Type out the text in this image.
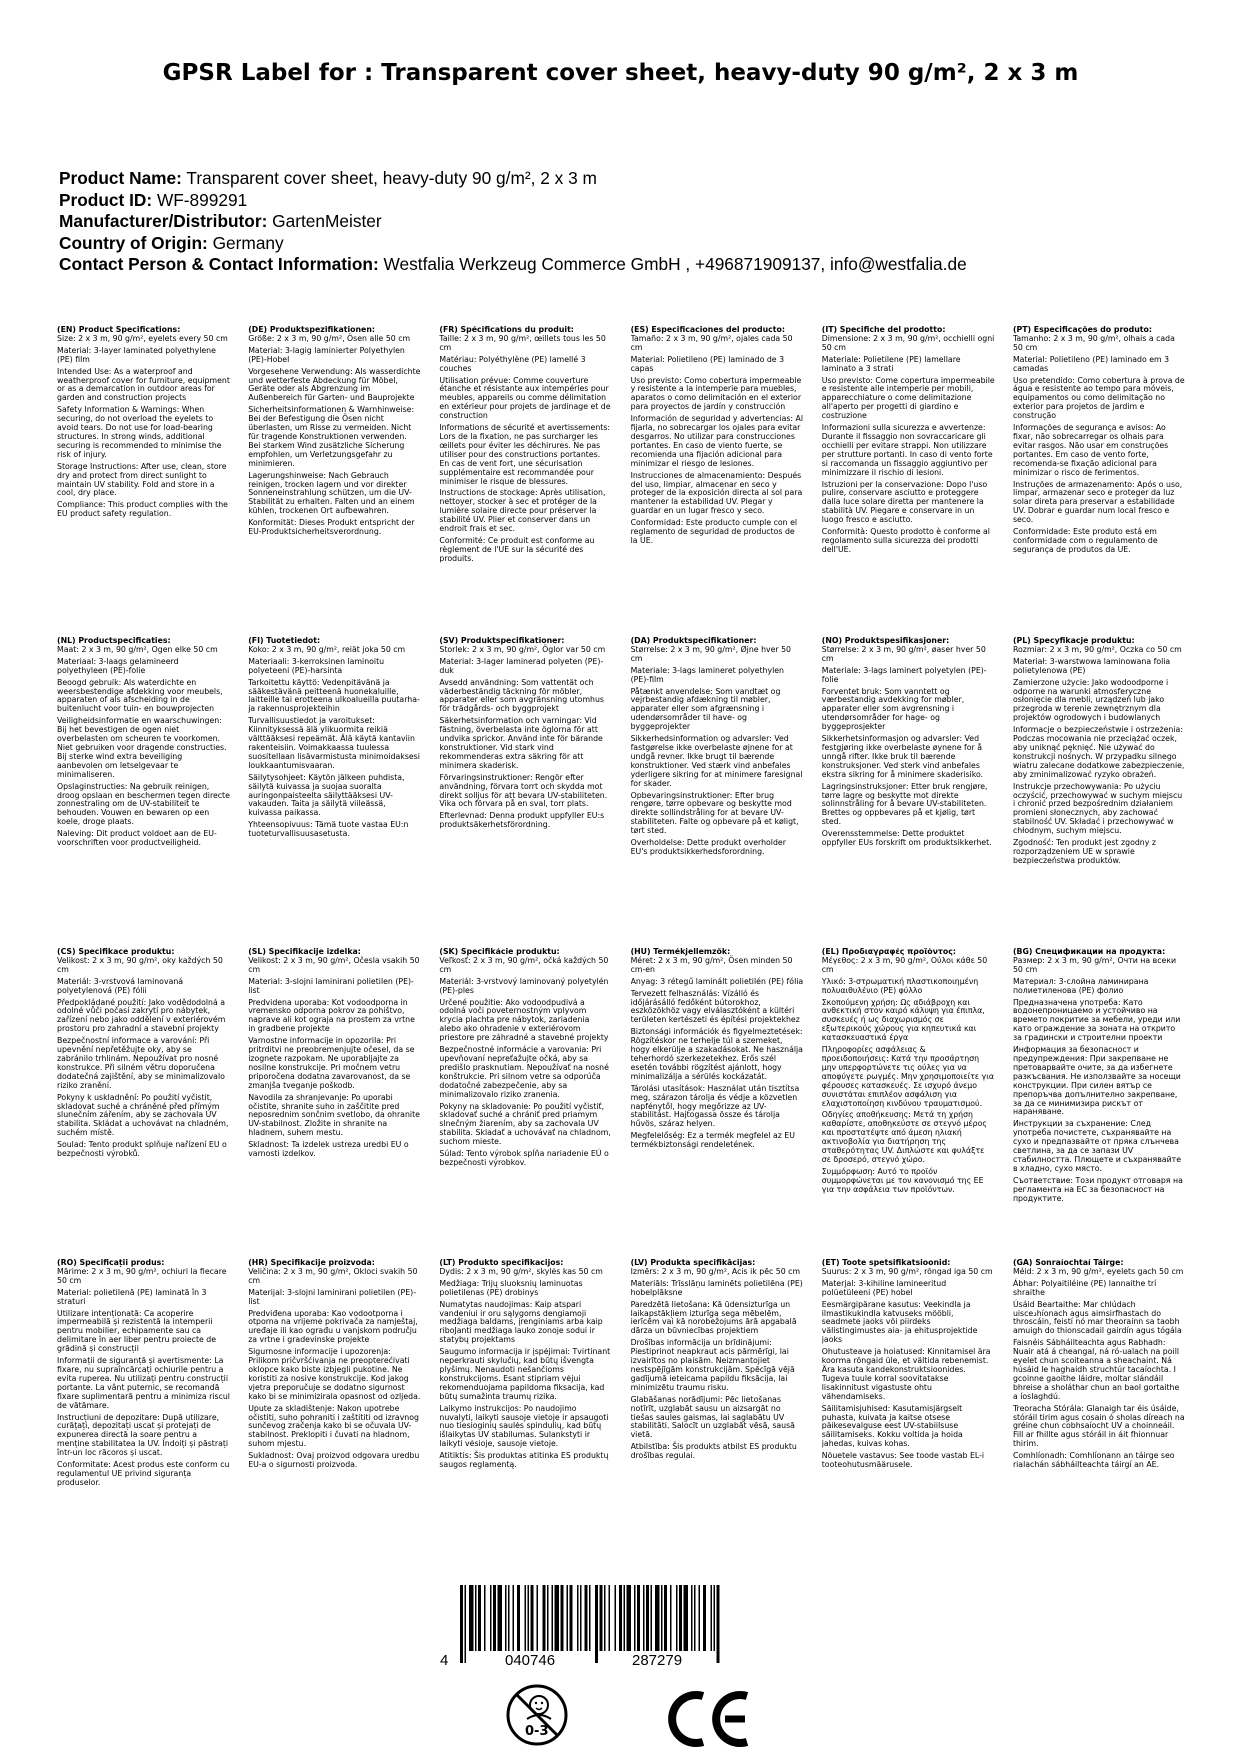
GPSR Label for : Transparent cover sheet, heavy-duty 90 g/m², 2 x 3 m
Product Name: Transparent cover sheet, heavy-duty 90 g/m², 2 x 3 m
Product ID: WF-899291
Manufacturer/Distributor: GartenMeister
Country of Origin: Germany
Contact Person & Contact Information: Westfalia Werkzeug Commerce GmbH , +496871909137, info@westfalia.de
(EN) Product Specifications:

Size: 2 x 3 m, 90 g/m², eyelets every 50 cm

Material: 3-layer laminated polyethylene (PE) film

Intended Use: As a waterproof and weatherproof cover for furniture, equipment or as a demarcation in outdoor areas for garden and construction projects

Safety Information & Warnings: When securing, do not overload the eyelets to avoid tears. Do not use for load-bearing structures. In strong winds, additional securing is recommended to minimise the risk of injury.

Storage Instructions: After use, clean, store dry and protect from direct sunlight to maintain UV stability. Fold and store in a cool, dry place.

Compliance: This product complies with the EU product safety regulation.

(DE) Produktspezifikationen:

Größe: 2 x 3 m, 90 g/m², Ösen alle 50 cm

Material: 3-lagig laminierter Polyethylen (PE)-Hobel

Vorgesehene Verwendung: Als wasserdichte und wetterfeste Abdeckung für Möbel, Geräte oder als Abgrenzung im Außenbereich für Garten- und Bauprojekte

Sicherheitsinformationen & Warnhinweise: Bei der Befestigung die Ösen nicht überlasten, um Risse zu vermeiden. Nicht für tragende Konstruktionen verwenden. Bei starkem Wind zusätzliche Sicherung empfohlen, um Verletzungsgefahr zu minimieren.

Lagerungshinweise: Nach Gebrauch reinigen, trocken lagern und vor direkter Sonneneinstrahlung schützen, um die UV-Stabilität zu erhalten. Falten und an einem kühlen, trockenen Ort aufbewahren.

Konformität: Dieses Produkt entspricht der EU-Produktsicherheitsverordnung.

(FR) Spécifications du produit:

Taille: 2 x 3 m, 90 g/m², œillets tous les 50 cm

Matériau: Polyéthylène (PE) lamellé 3 couches

Utilisation prévue: Comme couverture étanche et résistante aux intempéries pour meubles, appareils ou comme délimitation en extérieur pour projets de jardinage et de construction

Informations de sécurité et avertissements: Lors de la fixation, ne pas surcharger les œillets pour éviter les déchirures. Ne pas utiliser pour des constructions portantes. En cas de vent fort, une sécurisation supplémentaire est recommandée pour minimiser le risque de blessures.

Instructions de stockage: Après utilisation, nettoyer, stocker à sec et protéger de la lumière solaire directe pour préserver la stabilité UV. Plier et conserver dans un endroit frais et sec.

Conformité: Ce produit est conforme au règlement de l'UE sur la sécurité des produits.

(ES) Especificaciones del producto:

Tamaño: 2 x 3 m, 90 g/m², ojales cada 50 cm

Material: Polietileno (PE) laminado de 3 capas

Uso previsto: Como cobertura impermeable y resistente a la intemperie para muebles, aparatos o como delimitación en el exterior para proyectos de jardín y construcción

Información de seguridad y advertencias: Al fijarla, no sobrecargar los ojales para evitar desgarros. No utilizar para construcciones portantes. En caso de viento fuerte, se recomienda una fijación adicional para minimizar el riesgo de lesiones.

Instrucciones de almacenamiento: Después del uso, limpiar, almacenar en seco y proteger de la exposición directa al sol para mantener la estabilidad UV. Plegar y guardar en un lugar fresco y seco.

Conformidad: Este producto cumple con el reglamento de seguridad de productos de la UE.

(IT) Specifiche del prodotto:

Dimensione: 2 x 3 m, 90 g/m², occhielli ogni 50 cm

Materiale: Polietilene (PE) lamellare laminato a 3 strati

Uso previsto: Come copertura impermeabile e resistente alle intemperie per mobili, apparecchiature o come delimitazione all'aperto per progetti di giardino e costruzione

Informazioni sulla sicurezza e avvertenze: Durante il fissaggio non sovraccaricare gli occhielli per evitare strappi. Non utilizzare per strutture portanti. In caso di vento forte si raccomanda un fissaggio aggiuntivo per minimizzare il rischio di lesioni.

Istruzioni per la conservazione: Dopo l'uso pulire, conservare asciutto e proteggere dalla luce solare diretta per mantenere la stabilità UV. Piegare e conservare in un luogo fresco e asciutto.

Conformità: Questo prodotto è conforme al regolamento sulla sicurezza dei prodotti dell'UE.

(PT) Especificações do produto:

Tamanho: 2 x 3 m, 90 g/m², olhais a cada 50 cm

Material: Polietileno (PE) laminado em 3 camadas

Uso pretendido: Como cobertura à prova de água e resistente ao tempo para móveis, equipamentos ou como delimitação no exterior para projetos de jardim e construção

Informações de segurança e avisos: Ao fixar, não sobrecarregar os olhais para evitar rasgos. Não usar em construções portantes. Em caso de vento forte, recomenda-se fixação adicional para minimizar o risco de ferimentos.

Instruções de armazenamento: Após o uso, limpar, armazenar seco e proteger da luz solar direta para preservar a estabilidade UV. Dobrar e guardar num local fresco e seco.

Conformidade: Este produto está em conformidade com o regulamento de segurança de produtos da UE.

(NL) Productspecificaties:

Maat: 2 x 3 m, 90 g/m², Ogen elke 50 cm

Materiaal: 3-laags gelamineerd polyethyleen (PE)-folie

Beoogd gebruik: Als waterdichte en weersbestendige afdekking voor meubels, apparaten of als afscheiding in de buitenlucht voor tuin- en bouwprojecten

Veiligheidsinformatie en waarschuwingen: Bij het bevestigen de ogen niet overbelasten om scheuren te voorkomen. Niet gebruiken voor dragende constructies. Bij sterke wind extra beveiliging aanbevolen om letselgevaar te minimaliseren.

Opslaginstructies: Na gebruik reinigen, droog opslaan en beschermen tegen directe zonnestraling om de UV-stabiliteit te behouden. Vouwen en bewaren op een koele, droge plaats.

Naleving: Dit product voldoet aan de EU-voorschriften voor productveiligheid.

(FI) Tuotetiedot:

Koko: 2 x 3 m, 90 g/m², reiät joka 50 cm

Materiaali: 3-kerroksinen laminoitu polyeteeni (PE)-harsinta

Tarkoitettu käyttö: Vedenpitävänä ja sääkestävänä peitteenä huonekaluille, laitteille tai erotteena ulkoalueilla puutarha- ja rakennusprojekteihin

Turvallisuustiedot ja varoitukset: Kiinnityksessä älä ylikuormita reikiä välttääksesi repeämät. Älä käytä kantaviin rakenteisiin. Voimakkaassa tuulessa suositellaan lisävarmistusta minimoidaksesi loukkaantumisvaaran.

Säilytysohjeet: Käytön jälkeen puhdista, säilytä kuivassa ja suojaa suoralta auringonpaisteelta säilyttääksesi UV-vakauden. Taita ja säilytä viileässä, kuivassa paikassa.

Yhteensopivuus: Tämä tuote vastaa EU:n tuoteturvallisuusasetusta.

(SV) Produktspecifikationer:

Storlek: 2 x 3 m, 90 g/m², Öglor var 50 cm

Material: 3-lager laminerad polyeten (PE)-duk

Avsedd användning: Som vattentät och väderbeständig täckning för möbler, apparater eller som avgränsning utomhus för trädgårds- och byggprojekt

Säkerhetsinformation och varningar: Vid fästning, överbelasta inte öglorna för att undvika sprickor. Använd inte för bärande konstruktioner. Vid stark vind rekommenderas extra säkring för att minimera skaderisk.

Förvaringsinstruktioner: Rengör efter användning, förvara torrt och skydda mot direkt solljus för att bevara UV-stabiliteten. Vika och förvara på en sval, torr plats.

Efterlevnad: Denna produkt uppfyller EU:s produktsäkerhetsförordning.

(DA) Produktspecifikationer:

Størrelse: 2 x 3 m, 90 g/m², Øjne hver 50 cm

Materiale: 3-lags lamineret polyethylen (PE)-film

Påtænkt anvendelse: Som vandtæt og vejrbestandig afdækning til møbler, apparater eller som afgrænsning i udendørsområder til have- og byggeprojekter

Sikkerhedsinformation og advarsler: Ved fastgørelse ikke overbelaste øjnene for at undgå revner. Ikke brugt til bærende konstruktioner. Ved stærk vind anbefales yderligere sikring for at minimere faresignal for skader.

Opbevaringsinstruktioner: Efter brug rengøre, tørre opbevare og beskytte mod direkte sollindstråling for at bevare UV-stabiliteten. Falte og opbevare på et køligt, tørt sted.

Overholdelse: Dette produkt overholder EU's produktsikkerhedsforordning.

(NO) Produktspesifikasjoner:

Størrelse: 2 x 3 m, 90 g/m², øaser hver 50 cm

Materiale: 3-lags laminert polyetylen (PE)-folie

Forventet bruk: Som vanntett og værbestandig avdekking for møbler, apparater eller som avgrensning i utendørsområder for hage- og byggeprosjekter

Sikkerhetsinformasjon og advarsler: Ved festgjøring ikke overbelaste øynene for å unngå rifter. Ikke bruk til bærende konstruksjoner. Ved sterk vind anbefales ekstra sikring for å minimere skaderisiko.

Lagringsinstruksjoner: Etter bruk rengjøre, tørre lagre og beskytte mot direkte solinnstråling for å bevare UV-stabiliteten. Brettes og oppbevares på et kjølig, tørt sted.

Overensstemmelse: Dette produktet oppfyller EUs forskrift om produktsikkerhet.

(PL) Specyfikacje produktu:

Rozmiar: 2 x 3 m, 90 g/m², Oczka co 50 cm

Materiał: 3-warstwowa laminowana folia polietylenowa (PE)

Zamierzone użycie: Jako wodoodporne i odporne na warunki atmosferyczne osłonięcie dla mebli, urządzeń lub jako przegroda w terenie zewnętrznym dla projektów ogrodowych i budowlanych

Informacje o bezpieczeństwie i ostrzeżenia: Podczas mocowania nie przeciążać oczek, aby uniknąć pęknięć. Nie używać do konstrukcji nośnych. W przypadku silnego wiatru zalecane dodatkowe zabezpieczenie, aby zminimalizować ryzyko obrażeń.

Instrukcje przechowywania: Po użyciu oczyścić, przechowywać w suchym miejscu i chronić przed bezpośrednim działaniem promieni słonecznych, aby zachować stabilność UV. Składać i przechowywać w chłodnym, suchym miejscu.

Zgodność: Ten produkt jest zgodny z rozporządzeniem UE w sprawie bezpieczeństwa produktów.

(CS) Specifikace produktu:

Velikost: 2 x 3 m, 90 g/m², oky každých 50 cm

Materiál: 3-vrstvová laminovaná polyetylenová (PE) fólii

Předpokládané použití: Jako vodědodolná a odolné vůči počasí zakrytí pro nábytek, zařízení nebo jako oddělení v exteriérovém prostoru pro zahradní a stavební projekty

Bezpečnostní informace a varování: Při upevnění nepřetěžujte oky, aby se zabránilo trhlinám. Nepoužívat pro nosné konstrukce. Při silném větru doporučena dodatečná zajištění, aby se minimalizovalo riziko zranění.

Pokyny k uskladnění: Po použití vyčistit, skladovat suché a chráněné před přímým slunečním zářením, aby se zachovala UV stabilita. Skládat a uchovávat na chladném, suchém místě.

Soulad: Tento produkt splňuje nařízení EU o bezpečnosti výrobků.

(SL) Specifikacije izdelka:

Velikost: 2 x 3 m, 90 g/m², Očesla vsakih 50 cm

Material: 3-slojni laminirani polietilen (PE)-list

Predvidena uporaba: Kot vodoodporna in vremensko odporna pokrov za pohištvo, naprave ali kot ograja na prostem za vrtne in gradbene projekte

Varnostne informacije in opozorila: Pri pritrditvi ne preobremenjujte očesel, da se izognete razpokam. Ne uporabljajte za nosilne konstrukcije. Pri močnem vetru priporočena dodatna zavarovanost, da se zmanjša tveganje poškodb.

Navodila za shranjevanje: Po uporabi očistite, shranite suho in zaščitite pred neposrednim sončnim svetlobo, da ohranite UV-stabilnost. Zložite in shranite na hladnem, suhem mestu.

Skladnost: Ta izdelek ustreza uredbi EU o varnosti izdelkov.

(SK) Špecifikácie produktu:

Veľkosť: 2 x 3 m, 90 g/m², očká každých 50 cm

Materiál: 3-vrstvový laminovaný polyetylén (PE)-ples

Určené použitie: Ako vodoodpudivá a odolná voči poveternostným vplyvom krycia plachta pre nábytok, zariadenia alebo ako ohradenie v exteriérovom priestore pre záhradné a stavebné projekty

Bezpečnostné informácie a varovania: Pri upevňovaní nepreťažujte očká, aby sa predišlo prasknutiam. Nepoužívať na nosné konštrukcie. Pri silnom vetre sa odporúča dodatočné zabezpečenie, aby sa minimalizovalo riziko zranenia.

Pokyny na skladovanie: Po použití vyčistiť, skladovať suché a chrániť pred priamym slnečným žiarením, aby sa zachovala UV stabilita. Skladať a uchovávať na chladnom, suchom mieste.

Súlad: Tento výrobok spĺňa nariadenie EÚ o bezpečnosti výrobkov.

(HU) Termékjellemzők:

Méret: 2 x 3 m, 90 g/m², Ösen minden 50 cm-en

Anyag: 3 rétegű laminált polietilén (PE) fólia

Tervezett felhasználás: Vízálló és időjárásálló fedőként bútorokhoz, eszközökhöz vagy elválasztóként a kültéri területen kertészeti és építési projektekhez

Biztonsági információk és figyelmeztetések: Rögzítéskor ne terhelje túl a szemeket, hogy elkerülje a szakadásokat. Ne használja teherhordó szerkezetekhez. Erős szél esetén további rögzítést ajánlott, hogy minimalizálja a sérülés kockázatát.

Tárolási utasítások: Használat után tisztítsa meg, szárazon tárolja és védje a közvetlen napfénytől, hogy megőrizze az UV-stabilitást. Hajtogassa össze és tárolja hűvös, száraz helyen.

Megfelelőség: Ez a termék megfelel az EU termékbiztonsági rendeletének.

(EL) Προδιαγραφές προϊόντος:

Μέγεθος: 2 x 3 m, 90 g/m², Ούλοι κάθε 50 cm

Υλικό: 3-στρωματική πλαστικοποιημένη πολυαιθυλένιο (PE) φύλλο

Σκοπούμενη χρήση: Ως αδιάβροχη και ανθεκτική στον καιρό κάλυψη για έπιπλα, συσκευές ή ως διαχωρισμός σε εξωτερικούς χώρους για κηπευτικά και κατασκευαστικά έργα

Πληροφορίες ασφάλειας & προειδοποιήσεις: Κατά την προσάρτηση μην υπερφορτώνετε τις ούλες για να αποφύγετε ρωγμές. Μην χρησιμοποιείτε για φέρουσες κατασκευές. Σε ισχυρό άνεμο συνιστάται επιπλέον ασφάλιση για ελαχιστοποίηση κινδύνου τραυματισμού.

Οδηγίες αποθήκευσης: Μετά τη χρήση καθαρίστε, αποθηκεύστε σε στεγνό μέρος και προστατέψτε από άμεση ηλιακή ακτινοβολία για διατήρηση της σταθερότητας UV. Διπλώστε και φυλάξτε σε δροσερό, στεγνό χώρο.

Συμμόρφωση: Αυτό το προϊόν συμμορφώνεται με τον κανονισμό της ΕΕ για την ασφάλεια των προϊόντων.

(BG) Спецификации на продукта:

Размер: 2 x 3 m, 90 g/m², Очти на всеки 50 cm

Материал: 3-слойна ламинирана полиетиленова (PE) фолио

Предназначена употреба: Като водонепроницаемо и устойчиво на времето покритие за мебели, уреди или като ограждение за зоната на открито за градински и строителни проекти

Информация за безопасност и предупреждения: При закрепване не претоварвайте очите, за да избегнете разкъсвания. Не използвайте за носещи конструкции. При силен вятър се препоръчва допълнително закрепване, за да се минимизира рискът от нараняване.

Инструкции за съхранение: След употреба почистете, съхранявайте на сухо и предпазвайте от пряка слънчева светлина, за да се запази UV стабилността. Плющете и съхранявайте в хладно, сухо място.

Съответствие: Този продукт отговаря на регламента на ЕС за безопасност на продуктите.

(RO) Specificații produs:

Mărime: 2 x 3 m, 90 g/m², ochiuri la fiecare 50 cm

Material: polietilenă (PE) laminată în 3 straturi

Utilizare intenționată: Ca acoperire impermeabilă și rezistentă la intemperii pentru mobilier, echipamente sau ca delimitare în aer liber pentru proiecte de grădină și construcții

Informații de siguranță și avertismente: La fixare, nu supraîncărcați ochiurile pentru a evita ruperea. Nu utilizați pentru construcții portante. La vânt puternic, se recomandă fixare suplimentară pentru a minimiza riscul de vătămare.

Instrucțiuni de depozitare: După utilizare, curățați, depozitați uscat și protejați de expunerea directă la soare pentru a menține stabilitatea la UV. Îndoiți și păstrați într-un loc răcoros și uscat.

Conformitate: Acest produs este conform cu regulamentul UE privind siguranța produselor.

(HR) Specifikacije proizvoda:

Veličina: 2 x 3 m, 90 g/m², Okloci svakih 50 cm

Materijal: 3-slojni laminirani polietilen (PE)-list

Predviđena uporaba: Kao vodootporna i otporna na vrijeme pokrivača za namještaj, uređaje ili kao ograđu u vanjskom području za vrtne i gradevinske projekte

Sigurnosne informacije i upozorenja: Prilikom pričvršćivanja ne preopterećivati oklopce kako biste izbjegli pukotine. Ne koristiti za nosive konstrukcije. Kod jakog vjetra preporučuje se dodatno sigurnost kako bi se minimizirala opasnost od ozljeda.

Upute za skladištenje: Nakon upotrebe očistiti, suho pohraniti i zaštititi od izravnog sunčevog zračenja kako bi se očuvala UV-stabilnost. Preklopiti i čuvati na hladnom, suhom mjestu.

Sukladnost: Ovaj proizvod odgovara uredbu EU-a o sigurnosti proizvoda.

(LT) Produkto specifikacijos:

Dydis: 2 x 3 m, 90 g/m², skylės kas 50 cm

Medžiaga: Trijų sluoksnių laminuotas polietilenas (PE) drobinys

Numatytas naudojimas: Kaip atspari vandeniui ir oru sąlygoms dengiamoji medžiaga baldams, įrenginiams arba kaip riboJanti medžiaga lauko zonoje sodui ir statybų projektams

Saugumo informacija ir įspėjimai: Tvirtinant neperkrauti skylučių, kad būtų išvengta plyšimų. Nenaudoti nešančioms konstrukcijoms. Esant stipriam vėjui rekomenduojama papildoma fiksacija, kad būtų sumažinta traumų rizika.

Laikymo instrukcijos: Po naudojimo nuvalyti, laikyti sausoje vietoje ir apsaugoti nuo tiesioginių saulės spindulių, kad būtų išlaikytas UV stabilumas. Sulankstyti ir laikyti vėsioje, sausoje vietoje.

Atitiktis: Šis produktas atitinka ES produktų saugos reglamentą.

(LV) Produkta specifikācijas:

Izmērs: 2 x 3 m, 90 g/m², Acis ik pēc 50 cm

Materiāls: Trīsslāņu laminēts polietilēna (PE) hobelplāksne

Paredzētā lietošana: Kā ūdensizturīga un laikapstākļiem izturīga sega mēbelēm, ierīcēm vai kā norobežojums ārā apgabalā dārza un būvniecības projektiem

Drošības informācija un brīdinājumi: Piestiprinot neapkraut acis pārmērīgi, lai izvairītos no plaisām. Neizmantojiet nestspējīgām konstrukcijām. Spēcīgā vējā gadījumā ieteicama papildu fiksācija, lai minimizētu traumu risku.

Glabāšanas norādījumi: Pēc lietošanas notīrīt, uzglabāt sausu un aizsargāt no tiešas saules gaismas, lai saglabātu UV stabilitāti. Salocīt un uzglabāt vēsā, sausā vietā.

Atbilstība: Šis produkts atbilst ES produktu drošības regulai.

(ET) Toote spetsifikatsioonid:

Suurus: 2 x 3 m, 90 g/m², rõngad iga 50 cm

Materjal: 3-kihiline lamineeritud polüetüleeni (PE) hobel

Eesmärgipärane kasutus: Veekindla ja ilmastikukindla katvuseks mööbli, seadmete jaoks või piirdeks välistingimustes aia- ja ehitusprojektide jaoks

Ohutusteave ja hoiatused: Kinnitamisel ära koorma rõngaid üle, et vältida rebenemist. Ära kasuta kandekonstruktsioonides. Tugeva tuule korral soovitatakse lisakinnitust vigastuste ohtu vähendamiseks.

Säilitamisjuhised: Kasutamisjärgselt puhasta, kuivata ja kaitse otsese päikesevalguse eest UV-stabiilsuse säilitamiseks. Kokku voltida ja hoida jahedas, kuivas kohas.

Nõuetele vastavus: See toode vastab EL-i tooteohutusmäärusele.

(GA) Sonraíochtaí Táirge:

Méid: 2 x 3 m, 90 g/m², eyelets gach 50 cm

Ábhar: Polyaitiléine (PE) lannaithe trí shraithe

Úsáid Beartaithe: Mar chlúdach uisceدhíonach agus aimsirfhastach do throscáin, feistí nó mar theorainn sa taobh amuigh do thionscadail gairdín agus tógála

Faisnéis Sábháilteachta agus Rabhadh: Nuair atá á cheangal, ná ró-ualach na poill eyelet chun scoiteanna a sheachaint. Ná húsáid le haghaidh struchtúr tacaíochta. I gcoinne gaoithe láidre, moltar slándáil bhreise a sholáthar chun an baol gortaithe a íoslaghdú.

Treoracha Stórála: Glanaigh tar éis úsáide, stóráil tirim agus cosain ó sholas díreach na gréine chun cobhsaíocht UV a choinneáil. Fill ar fhillte agus stóráil in áit fhionnuar thirim.

Comhlíonadh: Comhlíonann an táirge seo rialachán sábháilteachta táirgí an AE.

4	040746	287279
0-3
